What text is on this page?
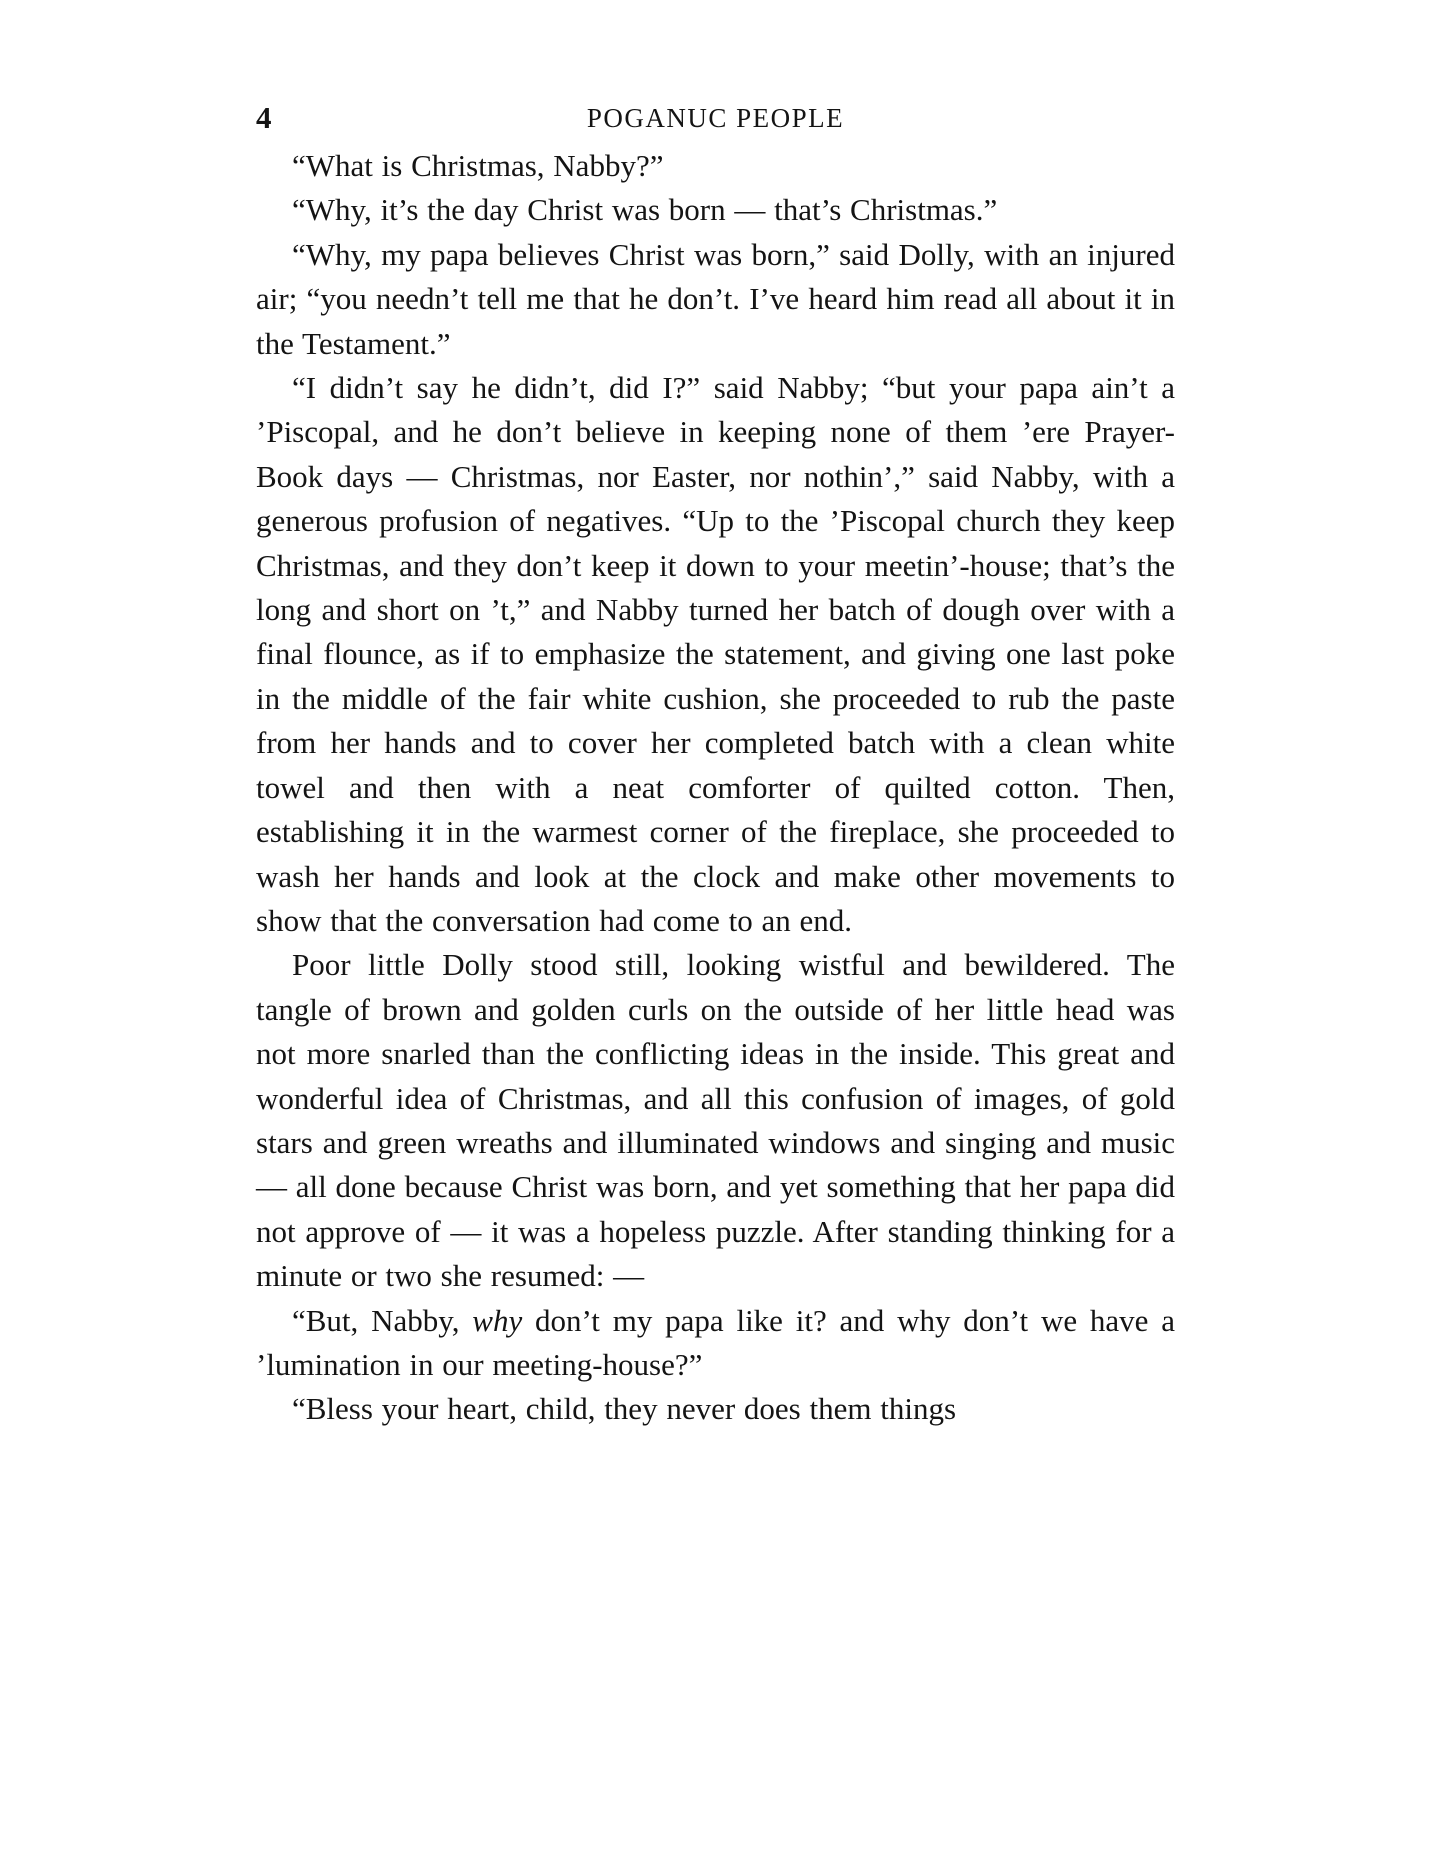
4	POGANUC PEOPLE

“What is Christmas, Nabby?”

“Why, it’s the day Christ was born — that’s Christmas.”

“Why, my papa believes Christ was born,” said Dolly, with an injured air; “you needn’t tell me that he don’t. I’ve heard him read all about it in the Testament.”

“I didn’t say he didn’t, did I?” said Nabby; “but your papa ain’t a ’Piscopal, and he don’t believe in keeping none of them ’ere Prayer-Book days — Christmas, nor Easter, nor nothin’,” said Nabby, with a generous profusion of negatives. “Up to the ’Piscopal church they keep Christmas, and they don’t keep it down to your meetin’-house; that’s the long and short on ’t,” and Nabby turned her batch of dough over with a final flounce, as if to emphasize the statement, and giving one last poke in the middle of the fair white cushion, she proceeded to rub the paste from her hands and to cover her completed batch with a clean white towel and then with a neat comforter of quilted cotton. Then, establishing it in the warmest corner of the fireplace, she proceeded to wash her hands and look at the clock and make other movements to show that the conversation had come to an end.

Poor little Dolly stood still, looking wistful and bewildered. The tangle of brown and golden curls on the outside of her little head was not more snarled than the conflicting ideas in the inside. This great and wonderful idea of Christmas, and all this confusion of images, of gold stars and green wreaths and illuminated windows and singing and music — all done because Christ was born, and yet something that her papa did not approve of — it was a hopeless puzzle. After standing thinking for a minute or two she resumed: —

“But, Nabby, why don’t my papa like it? and why don’t we have a ’lumination in our meeting-house?”

“Bless your heart, child, they never does them things
